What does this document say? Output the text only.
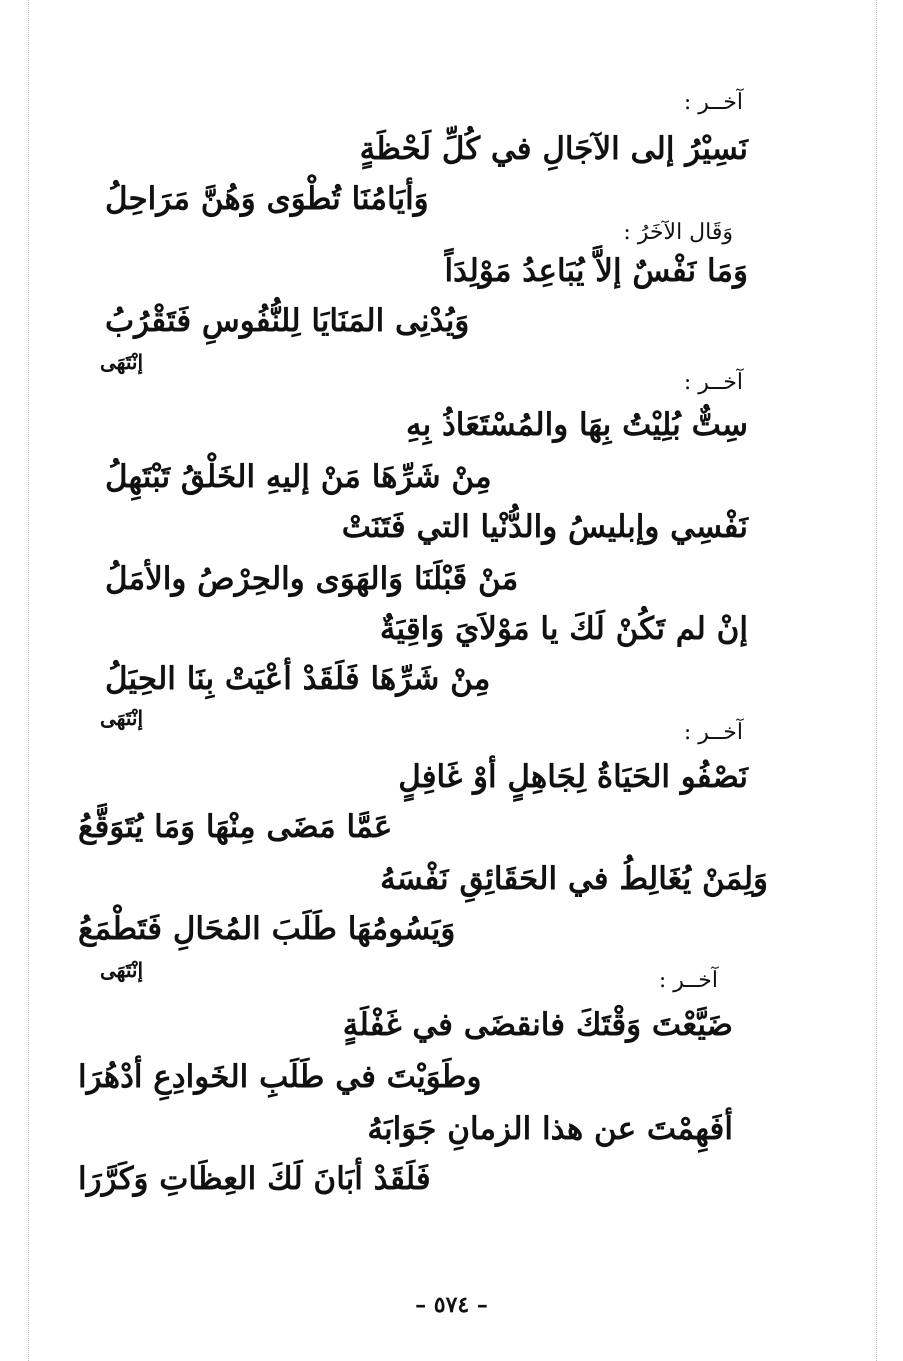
آخــر :
نَسِيْرُ إلى الآجَالِ في كُلِّ لَحْظَةٍ
وَأيَامُنَا تُطْوَى وَهُنَّ مَرَاحِلُ
وَقَال الآخَرُ :
وَمَا نَفْسٌ إلاَّ يُبَاعِدُ مَوْلِدَاً
وَيُدْنِى المَنَايَا لِلنُّفُوسِ فَتَقْرُبُ
إنْتَهَى
آخــر :
سِتٌّ بُلِيْتُ بِهَا والمُسْتَعَاذُ بِهِ
مِنْ شَرِّهَا مَنْ إليهِ الخَلْقُ تَبْتَهِلُ
نَفْسِي وإبليسُ والدُّنْيا التي فَتَنَتْ
مَنْ قَبْلَنَا وَالهَوَى والحِرْصُ والأمَلُ
إنْ لم تَكُنْ لَكَ يا مَوْلاَيَ وَاقِيَةٌ
مِنْ شَرِّهَا فَلَقَدْ أعْيَتْ بِنَا الحِيَلُ
إنْتَهَى
آخــر :
نَصْفُو الحَيَاةُ لِجَاهِلٍ أوْ غَافِلٍ
عَمَّا مَضَى مِنْهَا وَمَا يُتَوَقَّعُ
وَلِمَنْ يُغَالِطُ في الحَقَائِقِ نَفْسَهُ
وَيَسُومُهَا طَلَبَ المُحَالِ فَتَطْمَعُ
إنْتَهَى	آخــر :
ضَيَّعْتَ وَقْتَكَ فانقضَى في غَفْلَةٍ
وطَوَيْتَ في طَلَبِ الخَوادِعِ أدْهُرَا
أفَهِمْتَ عن هذا الزمانِ جَوَابَهُ
فَلَقَدْ أبَانَ لَكَ العِظَاتِ وَكَرَّرَا
– ٥٧٤ –
